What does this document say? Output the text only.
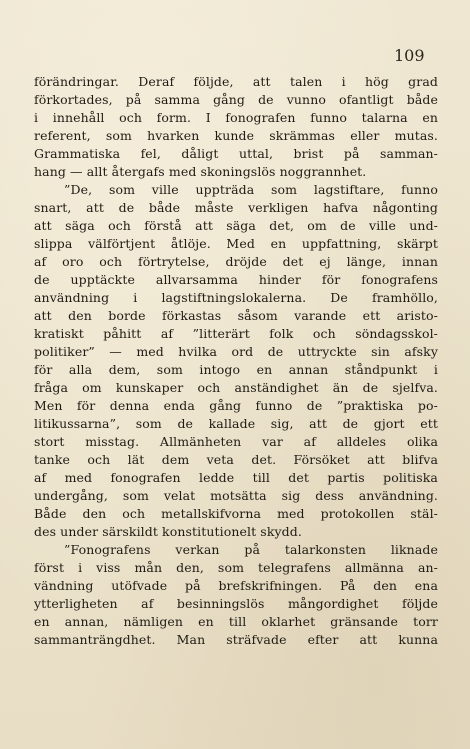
109
förändringar. Deraf följde, att talen i hög grad
förkortades, på samma gång de vunno ofantligt både
i innehåll och form. I fonografen funno talarna en
referent, som hvarken kunde skrämmas eller mutas.
Grammatiska fel, dåligt uttal, brist på samman-
hang — allt återgafs med skoningslös noggrannhet.
”De, som ville uppträda som lagstiftare, funno
snart, att de både måste verkligen hafva någonting
att säga och förstå att säga det, om de ville und-
slippa välförtjent åtlöje. Med en uppfattning, skärpt
af oro och förtrytelse, dröjde det ej länge, innan
de upptäckte allvarsamma hinder för fonografens
användning i lagstiftningslokalerna. De framhöllo,
att den borde förkastas såsom varande ett aristo-
kratiskt påhitt af ”litterärt folk och söndagsskol-
politiker” — med hvilka ord de uttryckte sin afsky
för alla dem, som intogo en annan ståndpunkt i
fråga om kunskaper och anständighet än de sjelfva.
Men för denna enda gång funno de ”praktiska po-
litikussarna”, som de kallade sig, att de gjort ett
stort misstag. Allmänheten var af alldeles olika
tanke och lät dem veta det. Försöket att blifva
af med fonografen ledde till det partis politiska
undergång, som velat motsätta sig dess användning.
Både den och metallskifvorna med protokollen stäl-
des under särskildt konstitutionelt skydd.
”Fonografens verkan på talarkonsten liknade
först i viss mån den, som telegrafens allmänna an-
vändning utöfvade på brefskrifningen. På den ena
ytterligheten af besinningslös mångordighet följde
en annan, nämligen en till oklarhet gränsande torr
sammanträngdhet. Man sträfvade efter att kunna
